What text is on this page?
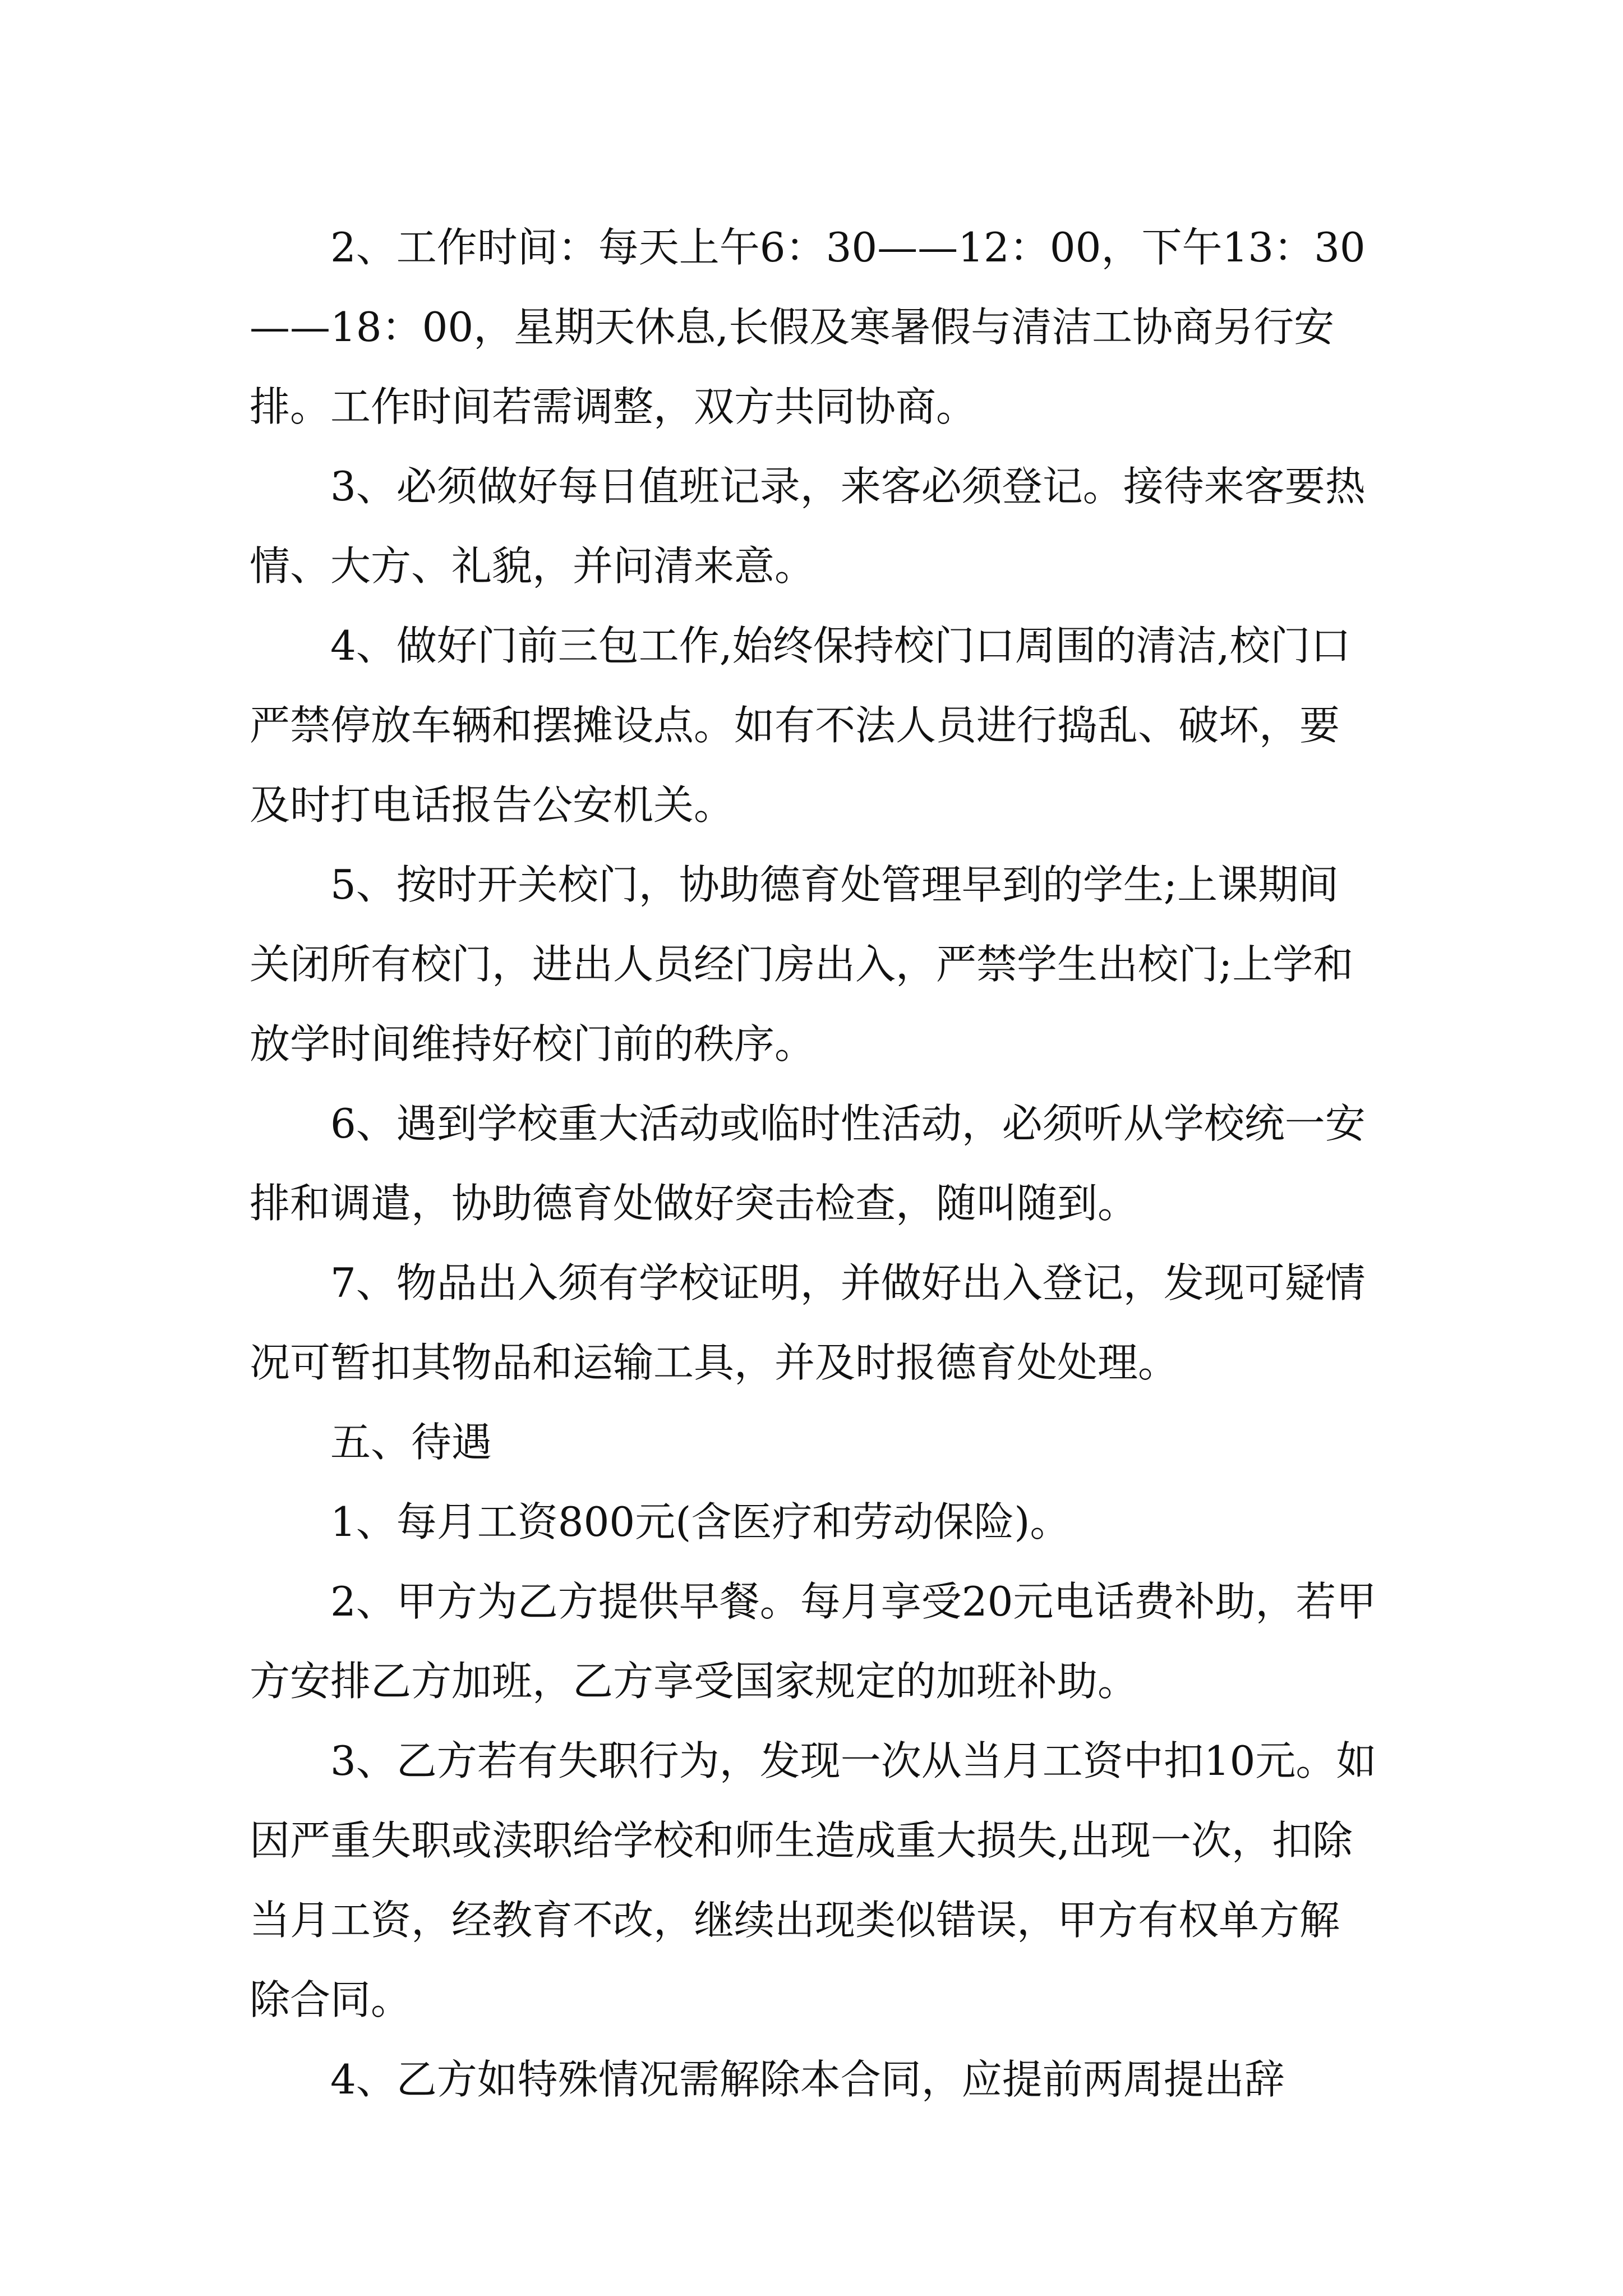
2、工作时间：每天上午6：30——12：00，下午13：30——18：00，星期天休息,长假及寒暑假与清洁工协商另行安排。工作时间若需调整，双方共同协商。

3、必须做好每日值班记录，来客必须登记。接待来客要热情、大方、礼貌，并问清来意。

4、做好门前三包工作,始终保持校门口周围的清洁,校门口严禁停放车辆和摆摊设点。如有不法人员进行捣乱、破坏，要及时打电话报告公安机关。

5、按时开关校门，协助德育处管理早到的学生;上课期间关闭所有校门，进出人员经门房出入，严禁学生出校门;上学和放学时间维持好校门前的秩序。

6、遇到学校重大活动或临时性活动，必须听从学校统一安排和调遣，协助德育处做好突击检查，随叫随到。

7、物品出入须有学校证明，并做好出入登记，发现可疑情况可暂扣其物品和运输工具，并及时报德育处处理。

五、待遇

1、每月工资800元(含医疗和劳动保险)。

2、甲方为乙方提供早餐。每月享受20元电话费补助，若甲方安排乙方加班，乙方享受国家规定的加班补助。

3、乙方若有失职行为，发现一次从当月工资中扣10元。如因严重失职或渎职给学校和师生造成重大损失,出现一次，扣除当月工资，经教育不改，继续出现类似错误，甲方有权单方解除合同。

4、乙方如特殊情况需解除本合同，应提前两周提出辞
